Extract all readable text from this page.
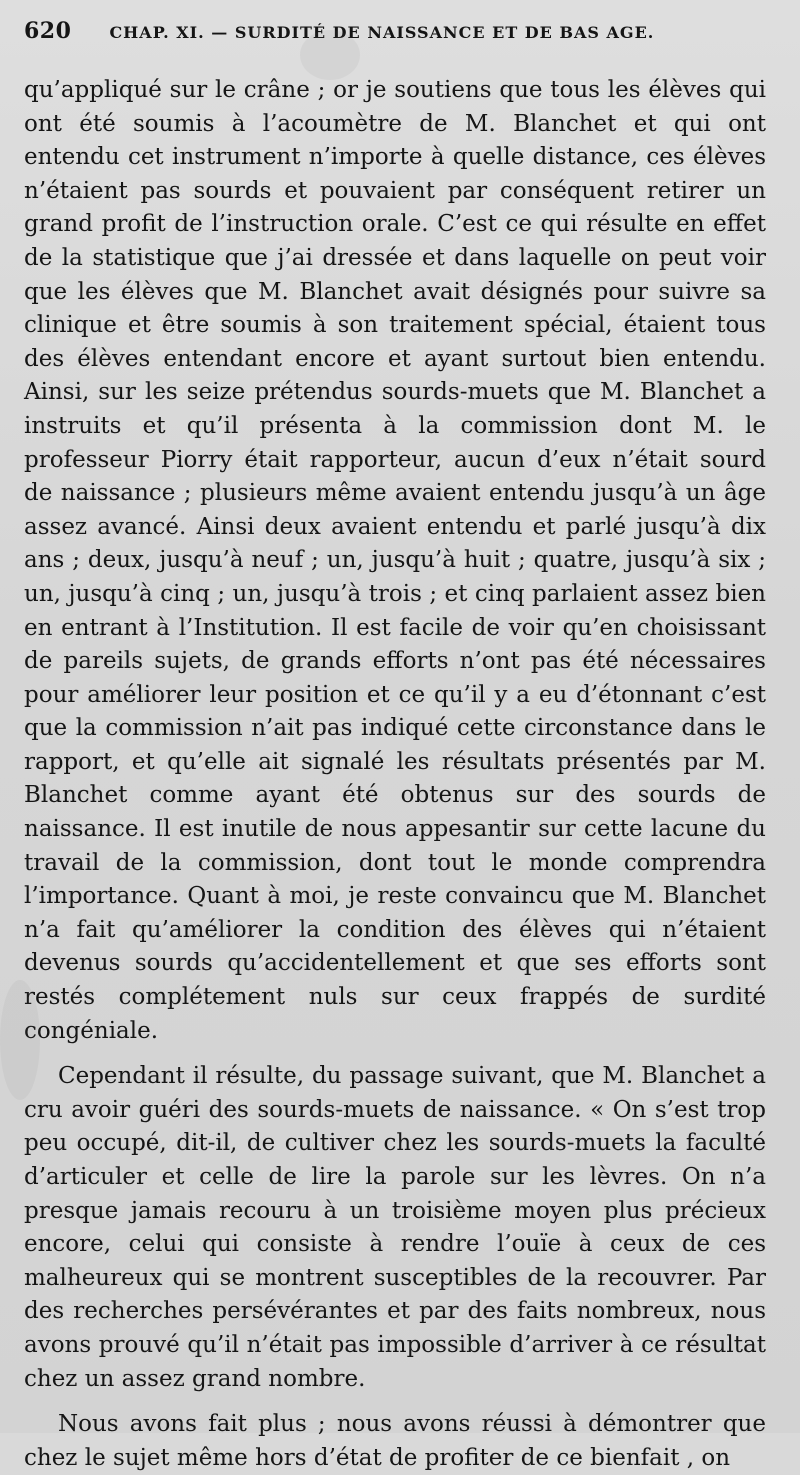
620 CHAP. XI. — SURDITÉ DE NAISSANCE ET DE BAS AGE.

qu’appliqué sur le crâne ; or je soutiens que tous les élèves qui ont été soumis à l’acoumètre de M. Blanchet et qui ont entendu cet instrument n’importe à quelle distance, ces élèves n’étaient pas sourds et pouvaient par conséquent retirer un grand profit de l’instruction orale. C’est ce qui résulte en effet de la statistique que j’ai dressée et dans laquelle on peut voir que les élèves que M. Blanchet avait désignés pour suivre sa clinique et être soumis à son traitement spécial, étaient tous des élèves entendant encore et ayant surtout bien entendu. Ainsi, sur les seize prétendus sourds-muets que M. Blanchet a instruits et qu’il présenta à la commission dont M. le professeur Piorry était rapporteur, aucun d’eux n’était sourd de naissance ; plusieurs même avaient entendu jusqu’à un âge assez avancé. Ainsi deux avaient entendu et parlé jusqu’à dix ans ; deux, jusqu’à neuf ; un, jusqu’à huit ; quatre, jusqu’à six ; un, jusqu’à cinq ; un, jusqu’à trois ; et cinq parlaient assez bien en entrant à l’Institution. Il est facile de voir qu’en choisissant de pareils sujets, de grands efforts n’ont pas été nécessaires pour améliorer leur position et ce qu’il y a eu d’étonnant c’est que la commission n’ait pas indiqué cette circonstance dans le rapport, et qu’elle ait signalé les résultats présentés par M. Blanchet comme ayant été obtenus sur des sourds de naissance. Il est inutile de nous appesantir sur cette lacune du travail de la commission, dont tout le monde comprendra l’importance. Quant à moi, je reste convaincu que M. Blanchet n’a fait qu’améliorer la condition des élèves qui n’étaient devenus sourds qu’accidentellement et que ses efforts sont restés complétement nuls sur ceux frappés de surdité congéniale.

Cependant il résulte, du passage suivant, que M. Blanchet a cru avoir guéri des sourds-muets de naissance. « On s’est trop peu occupé, dit-il, de cultiver chez les sourds-muets la faculté d’articuler et celle de lire la parole sur les lèvres. On n’a presque jamais recouru à un troisième moyen plus précieux encore, celui qui consiste à rendre l’ouïe à ceux de ces malheureux qui se montrent susceptibles de la recouvrer. Par des recherches persévérantes et par des faits nombreux, nous avons prouvé qu’il n’était pas impossible d’arriver à ce résultat chez un assez grand nombre.

Nous avons fait plus ; nous avons réussi à démontrer que chez le sujet même hors d’état de profiter de ce bienfait , on
